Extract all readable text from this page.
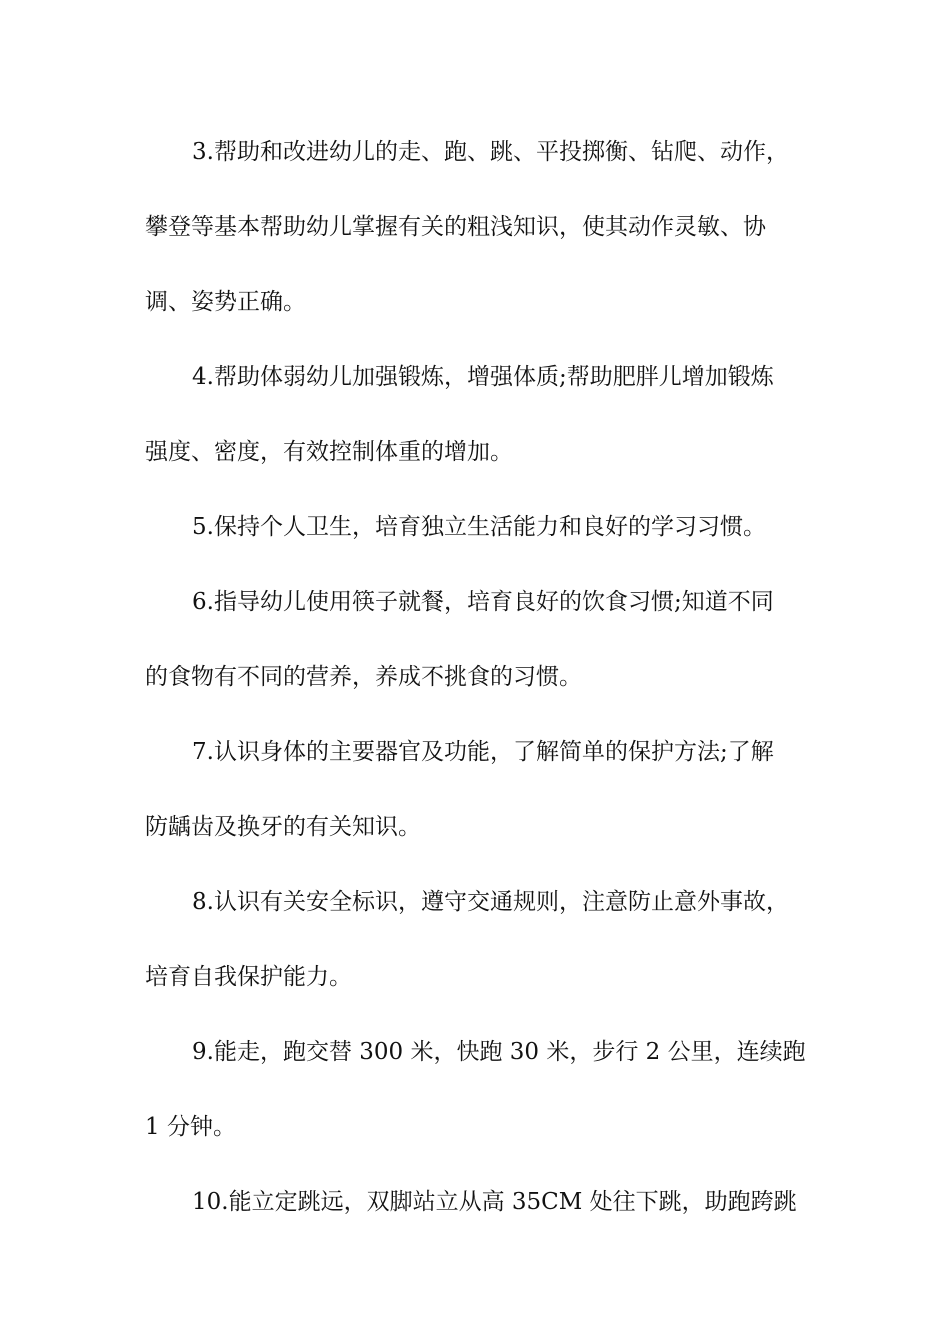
3.帮助和改进幼儿的走、跑、跳、平投掷衡、钻爬、动作，
攀登等基本帮助幼儿掌握有关的粗浅知识，使其动作灵敏、协
调、姿势正确。
4.帮助体弱幼儿加强锻炼，增强体质;帮助肥胖儿增加锻炼
强度、密度，有效控制体重的增加。
5.保持个人卫生，培育独立生活能力和良好的学习习惯。
6.指导幼儿使用筷子就餐，培育良好的饮食习惯;知道不同
的食物有不同的营养，养成不挑食的习惯。
7.认识身体的主要器官及功能，了解简单的保护方法;了解
防龋齿及换牙的有关知识。
8.认识有关安全标识，遵守交通规则，注意防止意外事故，
培育自我保护能力。
9.能走，跑交替 300 米，快跑 30 米，步行 2 公里，连续跑
1 分钟。
10.能立定跳远，双脚站立从高 35CM 处往下跳，助跑跨跳
